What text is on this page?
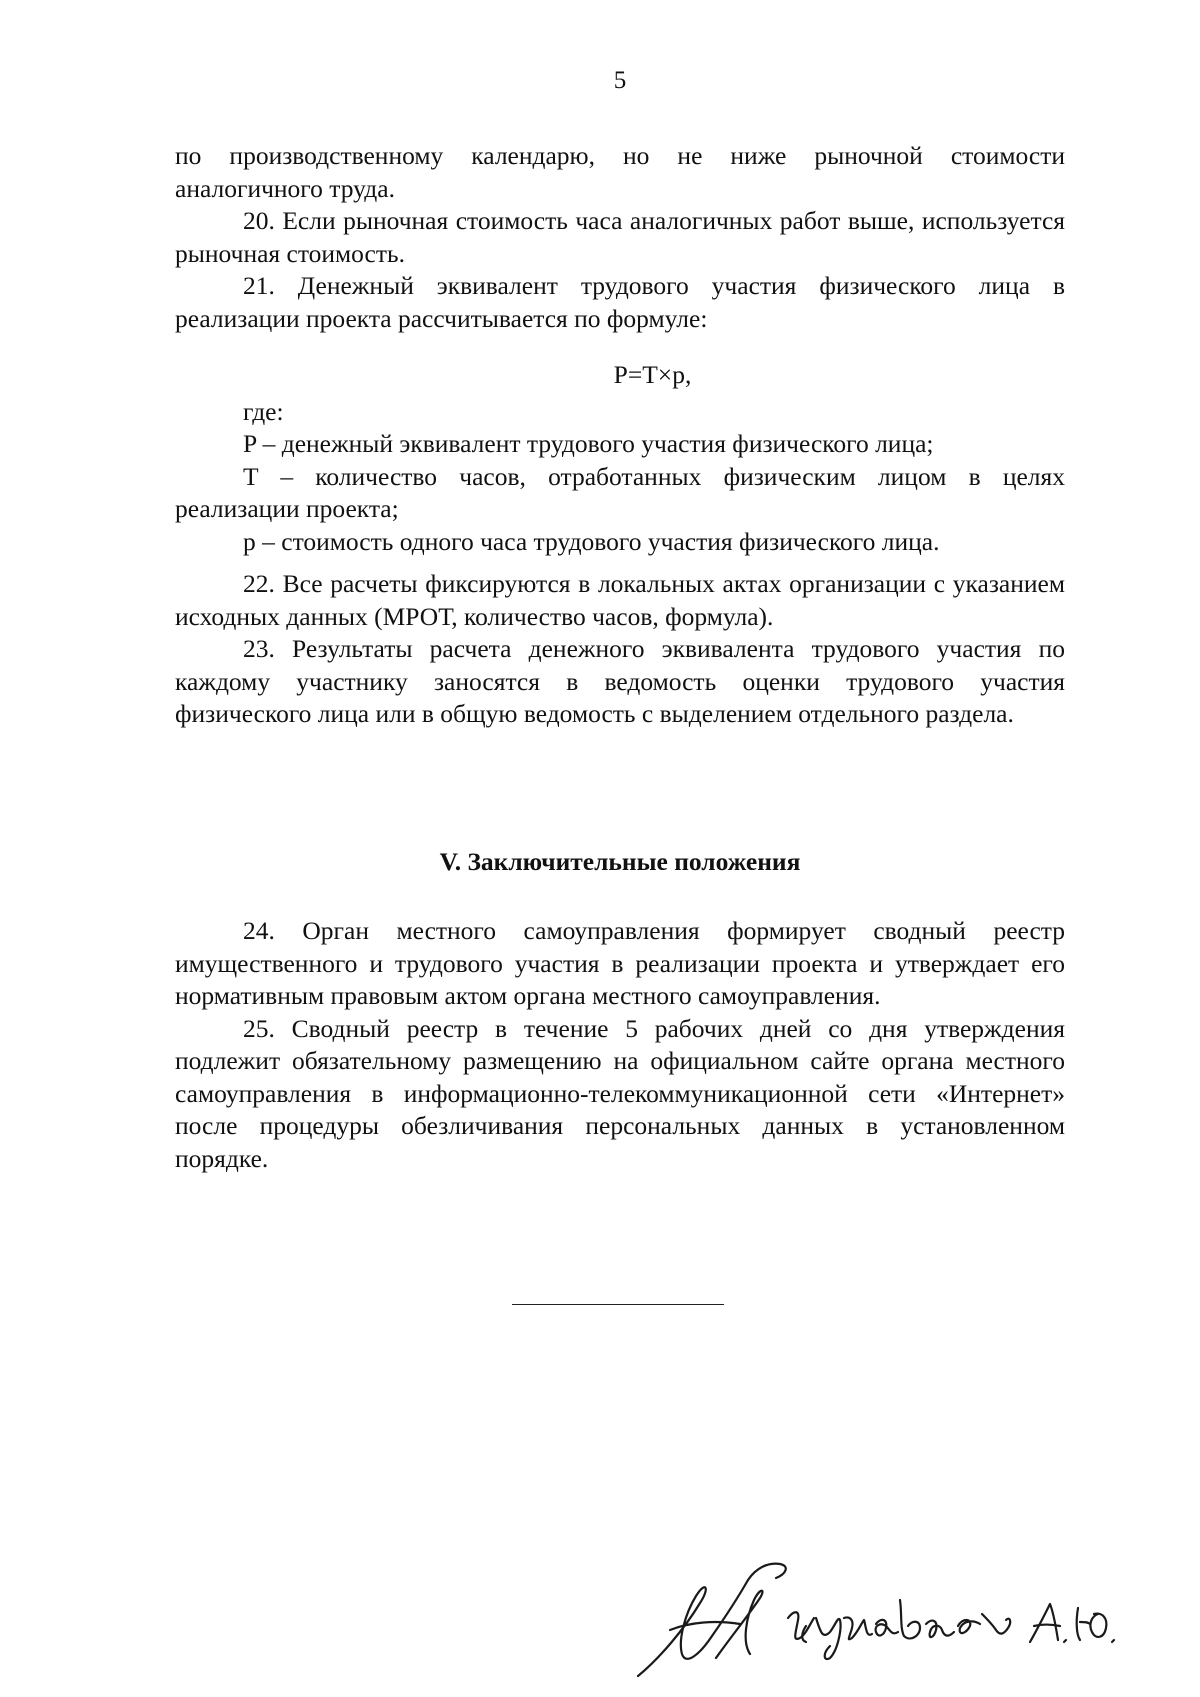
5

по производственному календарю, но не ниже рыночной стоимости аналогичного труда.

20. Если рыночная стоимость часа аналогичных работ выше, используется рыночная стоимость.

21. Денежный эквивалент трудового участия физического лица в реализации проекта рассчитывается по формуле:

P=T×p,

где:

P – денежный эквивалент трудового участия физического лица;

T – количество часов, отработанных физическим лицом в целях реализации проекта;

p – стоимость одного часа трудового участия физического лица.

22. Все расчеты фиксируются в локальных актах организации с указанием исходных данных (МРОТ, количество часов, формула).

23. Результаты расчета денежного эквивалента трудового участия по каждому участнику заносятся в ведомость оценки трудового участия физического лица или в общую ведомость с выделением отдельного раздела.

V. Заключительные положения

24. Орган местного самоуправления формирует сводный реестр имущественного и трудового участия в реализации проекта и утверждает его нормативным правовым актом органа местного самоуправления.

25. Сводный реестр в течение 5 рабочих дней со дня утверждения подлежит обязательному размещению на официальном сайте органа местного самоуправления в информационно-телекоммуникационной сети «Интернет» после процедуры обезличивания персональных данных в установленном порядке.
